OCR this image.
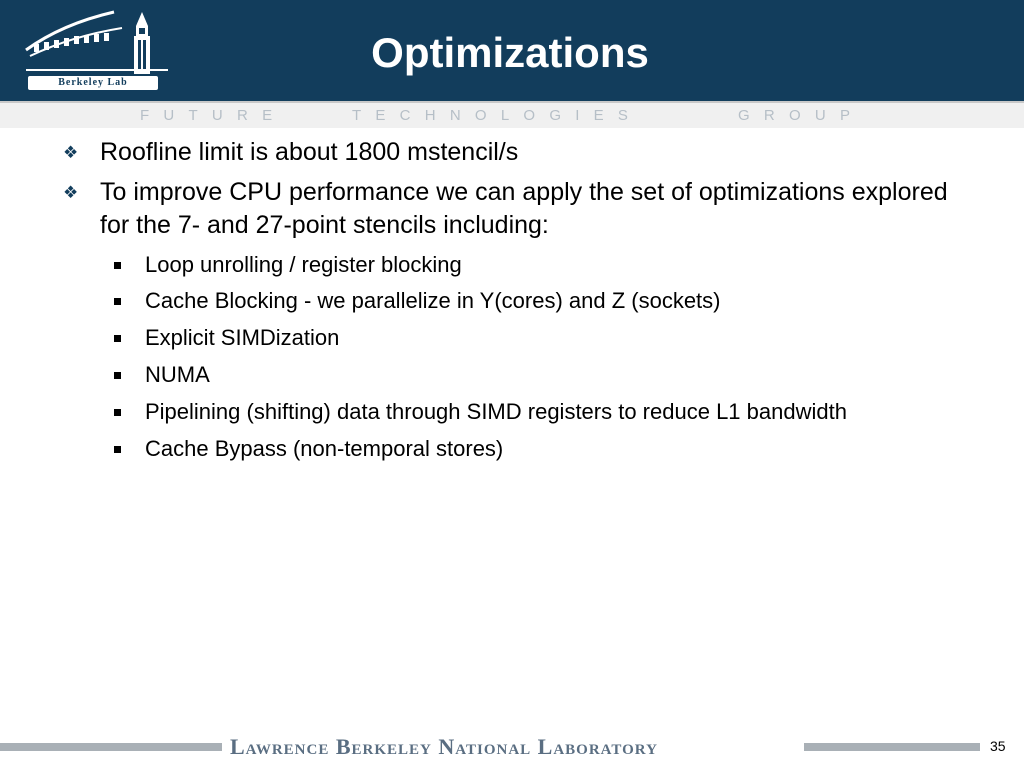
Berkeley Lab
Optimizations
FUTURE	TECHNOLOGIES	GROUP
❖ Roofline limit is about 1800 mstencil/s
❖ To improve CPU performance we can apply the set of optimizations explored for the 7- and 27-point stencils including:
Loop unrolling / register blocking
Cache Blocking - we parallelize in Y(cores) and Z (sockets)
Explicit SIMDization
NUMA
Pipelining (shifting) data through SIMD registers to reduce L1 bandwidth
Cache Bypass (non-temporal stores)
Lawrence Berkeley National Laboratory	35
